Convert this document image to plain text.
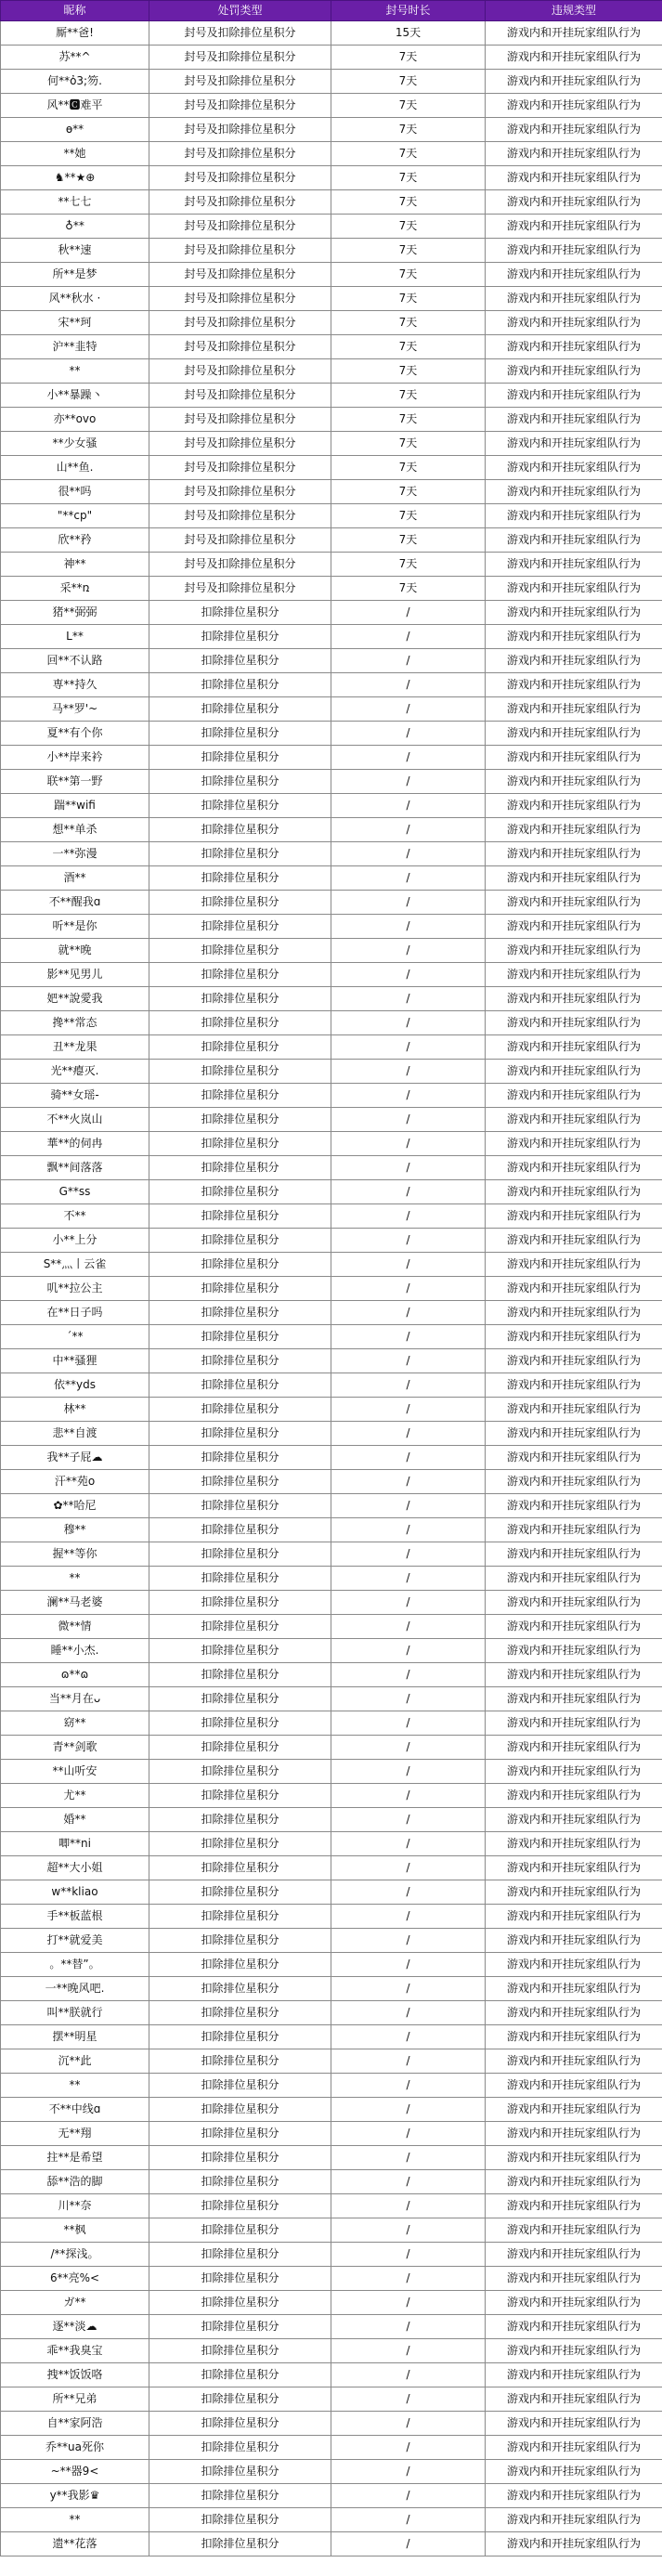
昵称	处罚类型	封号时长	违规类型
厮**爸!	封号及扣除排位星积分	15天	游戏内和开挂玩家组队行为
苏**^	封号及扣除排位星积分	7天	游戏内和开挂玩家组队行为
何**ὀ3;笏.	封号及扣除排位星积分	7天	游戏内和开挂玩家组队行为
风**🅲难平	封号及扣除排位星积分	7天	游戏内和开挂玩家组队行为
ө**	封号及扣除排位星积分	7天	游戏内和开挂玩家组队行为
**她	封号及扣除排位星积分	7天	游戏内和开挂玩家组队行为
♞**★⊕	封号及扣除排位星积分	7天	游戏内和开挂玩家组队行为
**七七	封号及扣除排位星积分	7天	游戏内和开挂玩家组队行为
♁**	封号及扣除排位星积分	7天	游戏内和开挂玩家组队行为
秋**速	封号及扣除排位星积分	7天	游戏内和开挂玩家组队行为
所**是梦	封号及扣除排位星积分	7天	游戏内和开挂玩家组队行为
风**秋水 ·	封号及扣除排位星积分	7天	游戏内和开挂玩家组队行为
宋**珂	封号及扣除排位星积分	7天	游戏内和开挂玩家组队行为
沪**韭特	封号及扣除排位星积分	7天	游戏内和开挂玩家组队行为
**	封号及扣除排位星积分	7天	游戏内和开挂玩家组队行为
小**暴躁丶	封号及扣除排位星积分	7天	游戏内和开挂玩家组队行为
亦**ovo	封号及扣除排位星积分	7天	游戏内和开挂玩家组队行为
**少女骚	封号及扣除排位星积分	7天	游戏内和开挂玩家组队行为
山**鱼.	封号及扣除排位星积分	7天	游戏内和开挂玩家组队行为
很**吗	封号及扣除排位星积分	7天	游戏内和开挂玩家组队行为
"**cp"	封号及扣除排位星积分	7天	游戏内和开挂玩家组队行为
欣**矜	封号及扣除排位星积分	7天	游戏内和开挂玩家组队行为
神**	封号及扣除排位星积分	7天	游戏内和开挂玩家组队行为
采**ռ	封号及扣除排位星积分	7天	游戏内和开挂玩家组队行为
猪**弼弼	扣除排位星积分	/	游戏内和开挂玩家组队行为
L**	扣除排位星积分	/	游戏内和开挂玩家组队行为
回**不认路	扣除排位星积分	/	游戏内和开挂玩家组队行为
専**持久	扣除排位星积分	/	游戏内和开挂玩家组队行为
马**罗'~	扣除排位星积分	/	游戏内和开挂玩家组队行为
夏**有个你	扣除排位星积分	/	游戏内和开挂玩家组队行为
小**岸来衿	扣除排位星积分	/	游戏内和开挂玩家组队行为
联**第一野	扣除排位星积分	/	游戏内和开挂玩家组队行为
踹**wifi	扣除排位星积分	/	游戏内和开挂玩家组队行为
想**单杀	扣除排位星积分	/	游戏内和开挂玩家组队行为
一**弥漫	扣除排位星积分	/	游戏内和开挂玩家组队行为
酒**	扣除排位星积分	/	游戏内和开挂玩家组队行为
不**醒我ɑ	扣除排位星积分	/	游戏内和开挂玩家组队行为
听**是你	扣除排位星积分	/	游戏内和开挂玩家组队行为
就**晚	扣除排位星积分	/	游戏内和开挂玩家组队行为
影**见男儿	扣除排位星积分	/	游戏内和开挂玩家组队行为
妑**說愛我	扣除排位星积分	/	游戏内和开挂玩家组队行为
搀**常态	扣除排位星积分	/	游戏内和开挂玩家组队行为
丑**龙果	扣除排位星积分	/	游戏内和开挂玩家组队行为
光**瘪灭.	扣除排位星积分	/	游戏内和开挂玩家组队行为
骑**女瑶-	扣除排位星积分	/	游戏内和开挂玩家组队行为
不**火岚山	扣除排位星积分	/	游戏内和开挂玩家组队行为
華**的伺冉	扣除排位星积分	/	游戏内和开挂玩家组队行为
飘**间落落	扣除排位星积分	/	游戏内和开挂玩家组队行为
G**ss	扣除排位星积分	/	游戏内和开挂玩家组队行为
不**	扣除排位星积分	/	游戏内和开挂玩家组队行为
小**上分	扣除排位星积分	/	游戏内和开挂玩家组队行为
S**灬丨云雀	扣除排位星积分	/	游戏内和开挂玩家组队行为
叽**拉公主	扣除排位星积分	/	游戏内和开挂玩家组队行为
在**日子吗	扣除排位星积分	/	游戏内和开挂玩家组队行为
ˊ**	扣除排位星积分	/	游戏内和开挂玩家组队行为
中**骚狸	扣除排位星积分	/	游戏内和开挂玩家组队行为
依**yds	扣除排位星积分	/	游戏内和开挂玩家组队行为
林**	扣除排位星积分	/	游戏内和开挂玩家组队行为
悲**自渡	扣除排位星积分	/	游戏内和开挂玩家组队行为
我**子屁☁	扣除排位星积分	/	游戏内和开挂玩家组队行为
汗**苑o	扣除排位星积分	/	游戏内和开挂玩家组队行为
✿**哈尼	扣除排位星积分	/	游戏内和开挂玩家组队行为
穆**	扣除排位星积分	/	游戏内和开挂玩家组队行为
握**等你	扣除排位星积分	/	游戏内和开挂玩家组队行为
**	扣除排位星积分	/	游戏内和开挂玩家组队行为
澜**马老婆	扣除排位星积分	/	游戏内和开挂玩家组队行为
微**情	扣除排位星积分	/	游戏内和开挂玩家组队行为
睡**小杰.	扣除排位星积分	/	游戏内和开挂玩家组队行为
ɷ**ɷ	扣除排位星积分	/	游戏内和开挂玩家组队行为
当**月在ᴗ	扣除排位星积分	/	游戏内和开挂玩家组队行为
窈**	扣除排位星积分	/	游戏内和开挂玩家组队行为
青**剑歌	扣除排位星积分	/	游戏内和开挂玩家组队行为
**山听安	扣除排位星积分	/	游戏内和开挂玩家组队行为
尤**	扣除排位星积分	/	游戏内和开挂玩家组队行为
婚**	扣除排位星积分	/	游戏内和开挂玩家组队行为
唧**ni	扣除排位星积分	/	游戏内和开挂玩家组队行为
超**大小姐	扣除排位星积分	/	游戏内和开挂玩家组队行为
w**kliao	扣除排位星积分	/	游戏内和开挂玩家组队行为
手**板蓝根	扣除排位星积分	/	游戏内和开挂玩家组队行为
打**就爱美	扣除排位星积分	/	游戏内和开挂玩家组队行为
。**替”。	扣除排位星积分	/	游戏内和开挂玩家组队行为
一**晚风吧.	扣除排位星积分	/	游戏内和开挂玩家组队行为
叫**朕就行	扣除排位星积分	/	游戏内和开挂玩家组队行为
摆**明星	扣除排位星积分	/	游戏内和开挂玩家组队行为
沉**此	扣除排位星积分	/	游戏内和开挂玩家组队行为
**	扣除排位星积分	/	游戏内和开挂玩家组队行为
不**中线ɑ	扣除排位星积分	/	游戏内和开挂玩家组队行为
无**翔	扣除排位星积分	/	游戏内和开挂玩家组队行为
拄**是希望	扣除排位星积分	/	游戏内和开挂玩家组队行为
舔**浩的脚	扣除排位星积分	/	游戏内和开挂玩家组队行为
川**奈	扣除排位星积分	/	游戏内和开挂玩家组队行为
**枫	扣除排位星积分	/	游戏内和开挂玩家组队行为
/**探浅。	扣除排位星积分	/	游戏内和开挂玩家组队行为
6**亮%<	扣除排位星积分	/	游戏内和开挂玩家组队行为
ガ**	扣除排位星积分	/	游戏内和开挂玩家组队行为
逐**淡☁	扣除排位星积分	/	游戏内和开挂玩家组队行为
乖**我臭宝	扣除排位星积分	/	游戏内和开挂玩家组队行为
拽**饭饭咯	扣除排位星积分	/	游戏内和开挂玩家组队行为
所**兄弟	扣除排位星积分	/	游戏内和开挂玩家组队行为
自**家阿浩	扣除排位星积分	/	游戏内和开挂玩家组队行为
乔**ua死你	扣除排位星积分	/	游戏内和开挂玩家组队行为
~**器9<	扣除排位星积分	/	游戏内和开挂玩家组队行为
y**我影♛	扣除排位星积分	/	游戏内和开挂玩家组队行为
**	扣除排位星积分	/	游戏内和开挂玩家组队行为
遗**花落	扣除排位星积分	/	游戏内和开挂玩家组队行为
